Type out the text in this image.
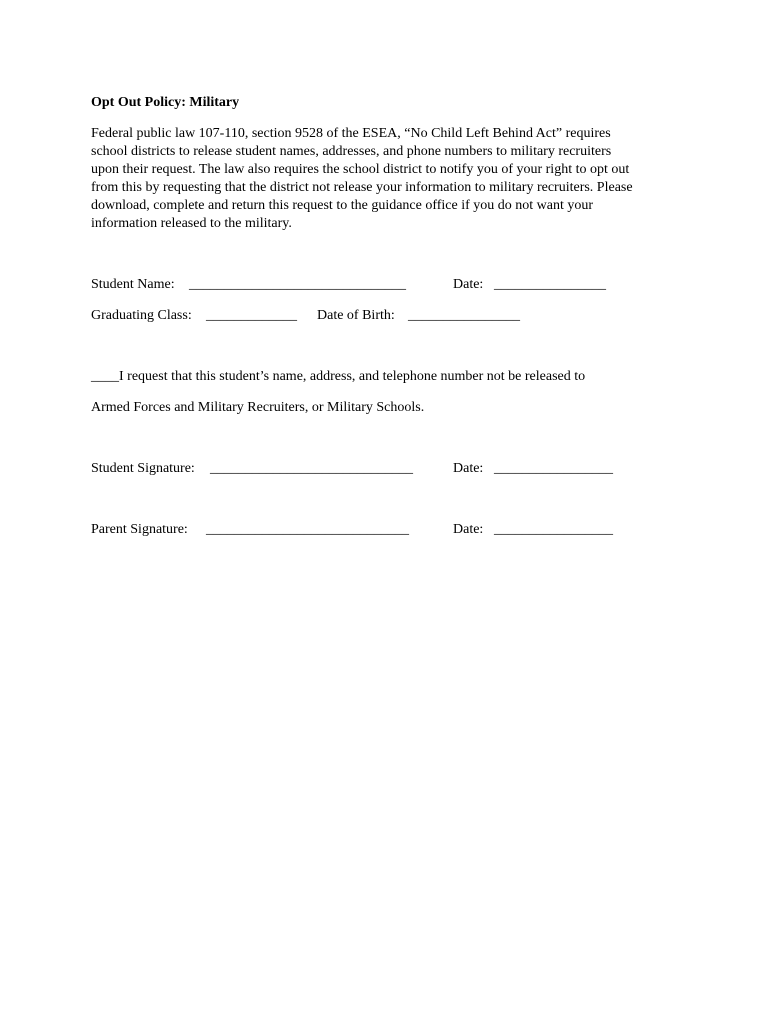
Opt Out Policy: Military
Federal public law 107-110, section 9528 of the ESEA, “No Child Left Behind Act” requires
school districts to release student names, addresses, and phone numbers to military recruiters
upon their request. The law also requires the school district to notify you of your right to opt out
from this by requesting that the district not release your information to military recruiters. Please
download, complete and return this request to the guidance office if you do not want your
information released to the military.
Student Name: _______________________________	Date: ________________
Graduating Class: _____________ Date of Birth: ________________
____I request that this student’s name, address, and telephone number not be released to
Armed Forces and Military Recruiters, or Military Schools.
Student Signature: _____________________________	Date: _________________
Parent Signature: _____________________________	Date: _________________
